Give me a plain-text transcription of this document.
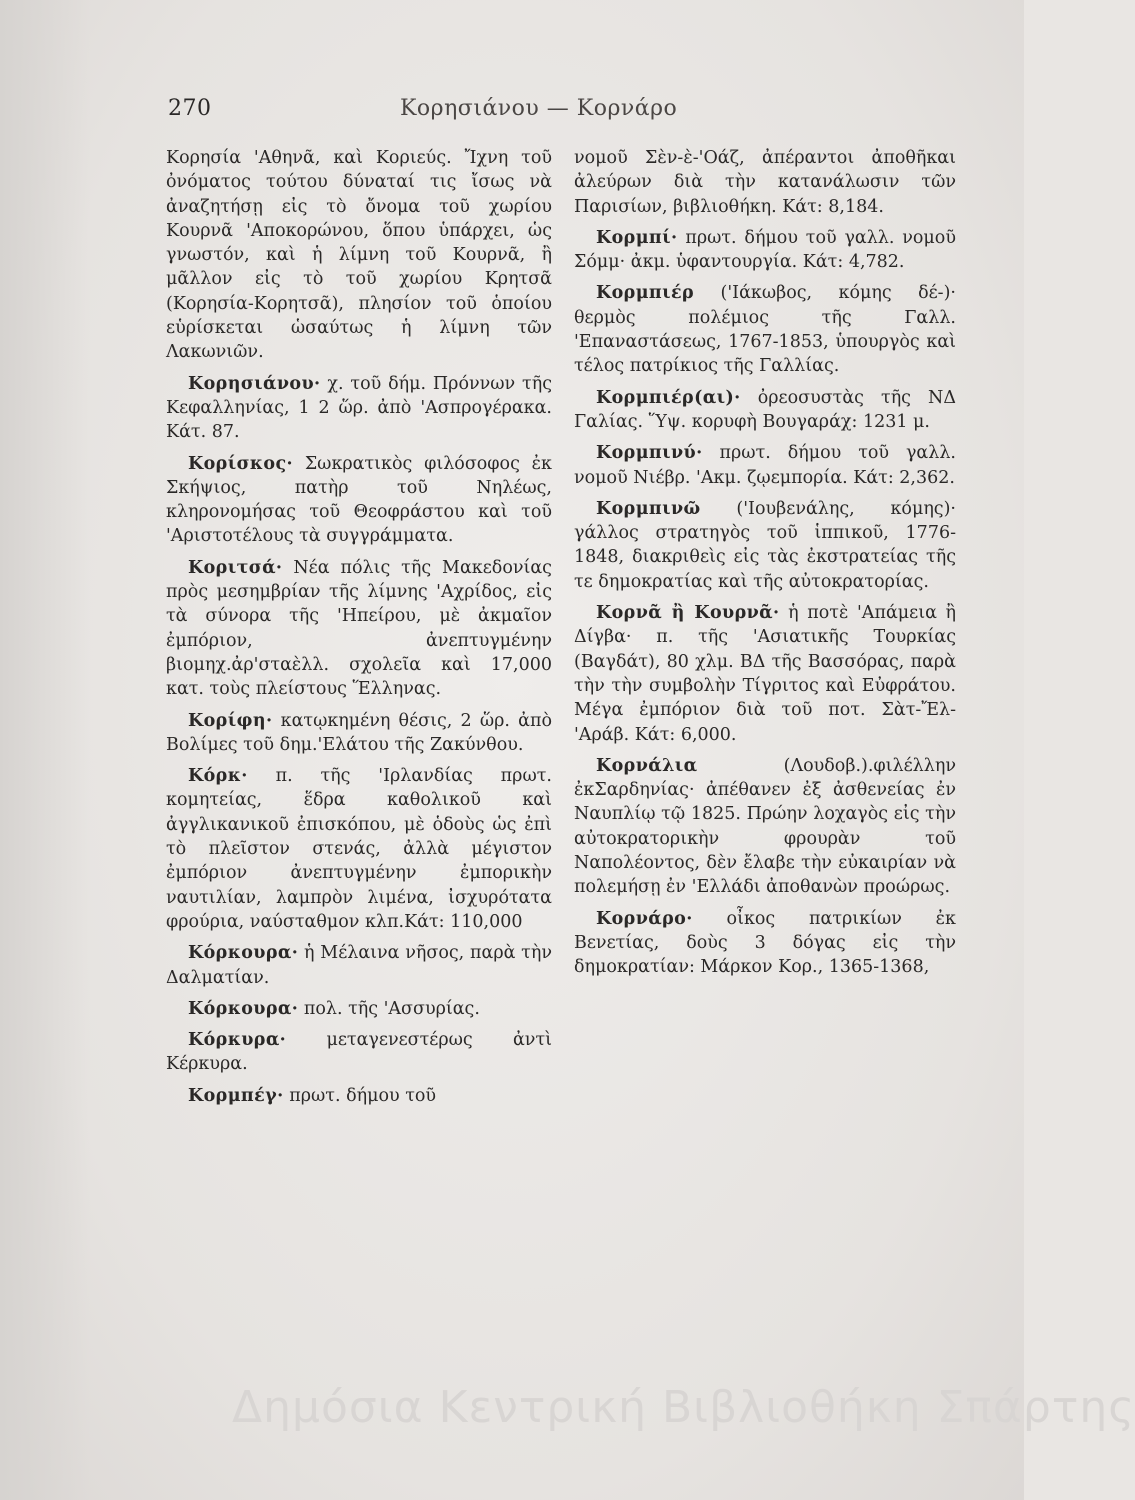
270	Κορησιάνου — Κορνάρο

Κορησία 'Αθηνᾶ, καὶ Κοριεύς. Ἴχνη τοῦ ὀνόματος τούτου δύναταί τις ἴσως νὰ ἀναζητήσῃ εἰς τὸ ὄνομα τοῦ χωρίου Κουρνᾶ 'Αποκορώνου, ὅπου ὑπάρχει, ὡς γνωστόν, καὶ ἡ λίμνη τοῦ Κουρνᾶ, ἢ μᾶλλον εἰς τὸ τοῦ χωρίου Κρητσᾶ (Κορησία-Κορητσᾶ), πλησίον τοῦ ὁποίου εὑρίσκεται ὡσαύτως ἡ λίμνη τῶν Λακωνιῶν.

Κορησιάνου· χ. τοῦ δήμ. Πρόννων τῆς Κεφαλληνίας, 1 2 ὥρ. ἀπὸ 'Ασπρογέρακα. Κάτ. 87.

Κορίσκος· Σωκρατικὸς φιλόσοφος ἐκ Σκήψιος, πατὴρ τοῦ Νηλέως, κληρονομήσας τοῦ Θεοφράστου καὶ τοῦ 'Αριστοτέλους τὰ συγγράμματα.

Κοριτσά· Νέα πόλις τῆς Μακεδονίας πρὸς μεσημβρίαν τῆς λίμνης 'Αχρίδος, εἰς τὰ σύνορα τῆς 'Ηπείρου, μὲ ἀκμαῖον ἐμπόριον, ἀνεπτυγμένην βιομηχ.ἀρ'σταὲλλ. σχολεῖα καὶ 17,000 κατ. τοὺς πλείστους Ἕλληνας.

Κορίφη· κατῳκημένη θέσις, 2 ὥρ. ἀπὸ Βολίμες τοῦ δημ.'Ελάτου τῆς Ζακύνθου.

Κόρκ· π. τῆς 'Ιρλανδίας πρωτ. κομητείας, ἕδρα καθολικοῦ καὶ ἀγγλικανικοῦ ἐπισκόπου, μὲ ὁδοὺς ὡς ἐπὶ τὸ πλεῖστον στενάς, ἀλλὰ μέγιστον ἐμπόριον ἀνεπτυγμένην ἐμπορικὴν ναυτιλίαν, λαμπρὸν λιμένα, ἰσχυρότατα φρούρια, ναύσταθμον κλπ.Κάτ: 110,000

Κόρκουρα· ἡ Μέλαινα νῆσος, παρὰ τὴν Δαλματίαν.

Κόρκουρα· πολ. τῆς 'Ασσυρίας.

Κόρκυρα· μεταγενεστέρως ἀντὶ Κέρκυρα.

Κορμπέγ· πρωτ. δήμου τοῦ

νομοῦ Σὲν-ὲ-'Οάζ, ἀπέραντοι ἀποθῆκαι ἀλεύρων διὰ τὴν κατανάλωσιν τῶν Παρισίων, βιβλιοθήκη. Κάτ: 8,184.

Κορμπί· πρωτ. δήμου τοῦ γαλλ. νομοῦ Σόμμ· ἀκμ. ὑφαντουργία. Κάτ: 4,782.

Κορμπιέρ ('Ιάκωβος, κόμης δέ-)· θερμὸς πολέμιος τῆς Γαλλ. 'Επαναστάσεως, 1767-1853, ὑπουργὸς καὶ τέλος πατρίκιος τῆς Γαλλίας.

Κορμπιέρ(αι)· ὀρεοσυστὰς τῆς ΝΔ Γαλίας. Ὕψ. κορυφὴ Βουγαράχ: 1231 μ.

Κορμπινύ· πρωτ. δήμου τοῦ γαλλ. νομοῦ Νιέβρ. 'Ακμ. ζῳεμπορία. Κάτ: 2,362.

Κορμπινῶ ('Ιουβενάλης, κόμης)· γάλλος στρατηγὸς τοῦ ἱππικοῦ, 1776-1848, διακριθεὶς εἰς τὰς ἐκστρατείας τῆς τε δημοκρατίας καὶ τῆς αὐτοκρατορίας.

Κορνᾶ ἢ Κουρνᾶ· ἡ ποτὲ 'Απάμεια ἢ Δίγβα· π. τῆς 'Ασιατικῆς Τουρκίας (Βαγδάτ), 80 χλμ. ΒΔ τῆς Βασσόρας, παρὰ τὴν τὴν συμβολὴν Τίγριτος καὶ Εὐφράτου. Μέγα ἐμπόριον διὰ τοῦ ποτ. Σὰτ-Ἔλ-'Αράβ. Κάτ: 6,000.

Κορνάλια	(Λουδοβ.).φιλέλλην ἐκΣαρδηνίας· ἀπέθανεν ἐξ ἀσθενείας ἐν Ναυπλίῳ τῷ 1825. Πρώην λοχαγὸς εἰς τὴν αὐτοκρατορικὴν φρουρὰν τοῦ Ναπολέοντος, δὲν ἔλαβε τὴν εὐκαιρίαν νὰ πολεμήσῃ ἐν 'Ελλάδι ἀποθανὼν προώρως.

Κορνάρο· οἶκος πατρικίων ἐκ Βενετίας, δοὺς 3 δόγας εἰς τὴν δημοκρατίαν: Μάρκον Κορ., 1365-1368,

Δημόσια Κεντρική Βιβλιοθήκη Σπάρτης
